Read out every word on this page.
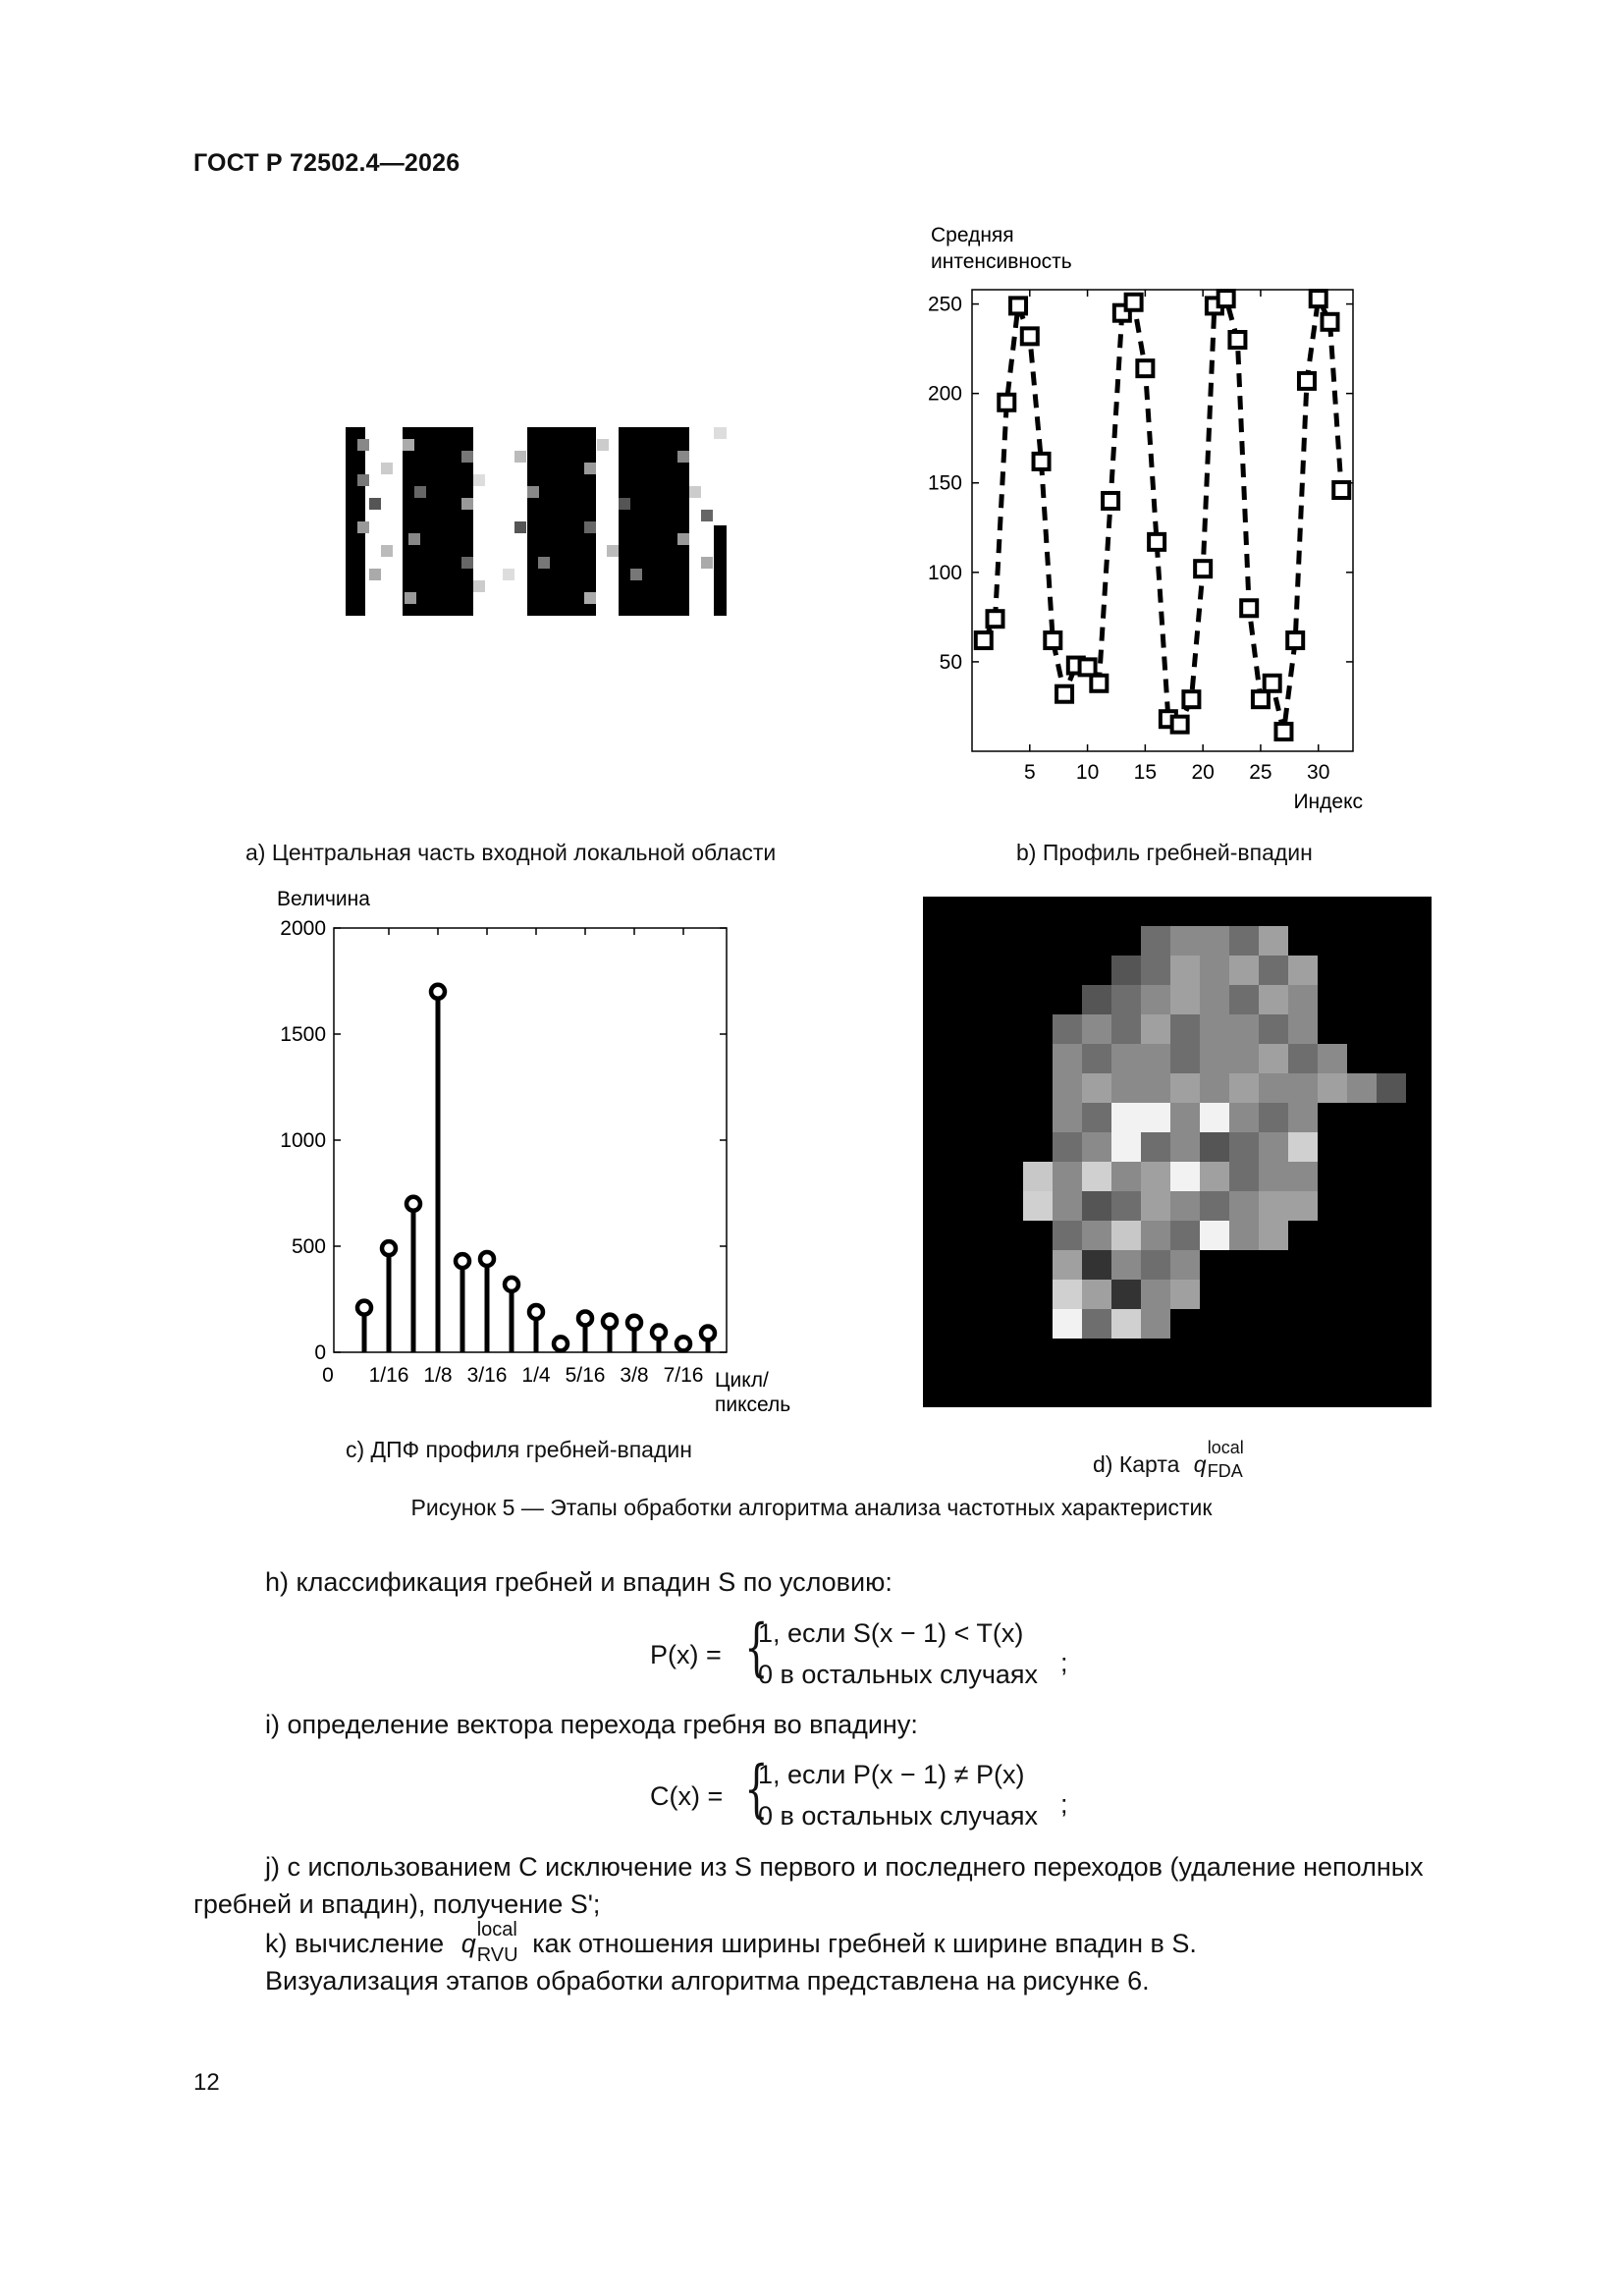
ГОСТ Р 72502.4—2026
Средняя
интенсивность
50
100
150
200
250
5 10 15 20 25 30
Индекс
а) Центральная часть входной локальной области	b) Профиль гребней-впадин
Величина
0
500
1000
1500
2000
0 1/16 1/8 3/16 1/4 5/16 3/8 7/16 Цикл/
пиксель
c) ДПФ профиля гребней-впадин
d) Карта q
local
FDA
Рисунок 5 — Этапы обработки алгоритма анализа частотных характеристик
h) классификация гребней и впадин S по условию:
P(x) = {
1, если S(x − 1) < T(x)
0 в остальных случаях ;
i) определение вектора перехода гребня во впадину:
C(x) = {
1, если P(x − 1) ≠ P(x)
0 в остальных случаях ;
j) с использованием C исключение из S первого и последнего переходов (удаление неполных
гребней и впадин), получение S';
k) вычисление q local
RVU как отношения ширины гребней к ширине впадин в S.
Визуализация этапов обработки алгоритма представлена на рисунке 6.
12
